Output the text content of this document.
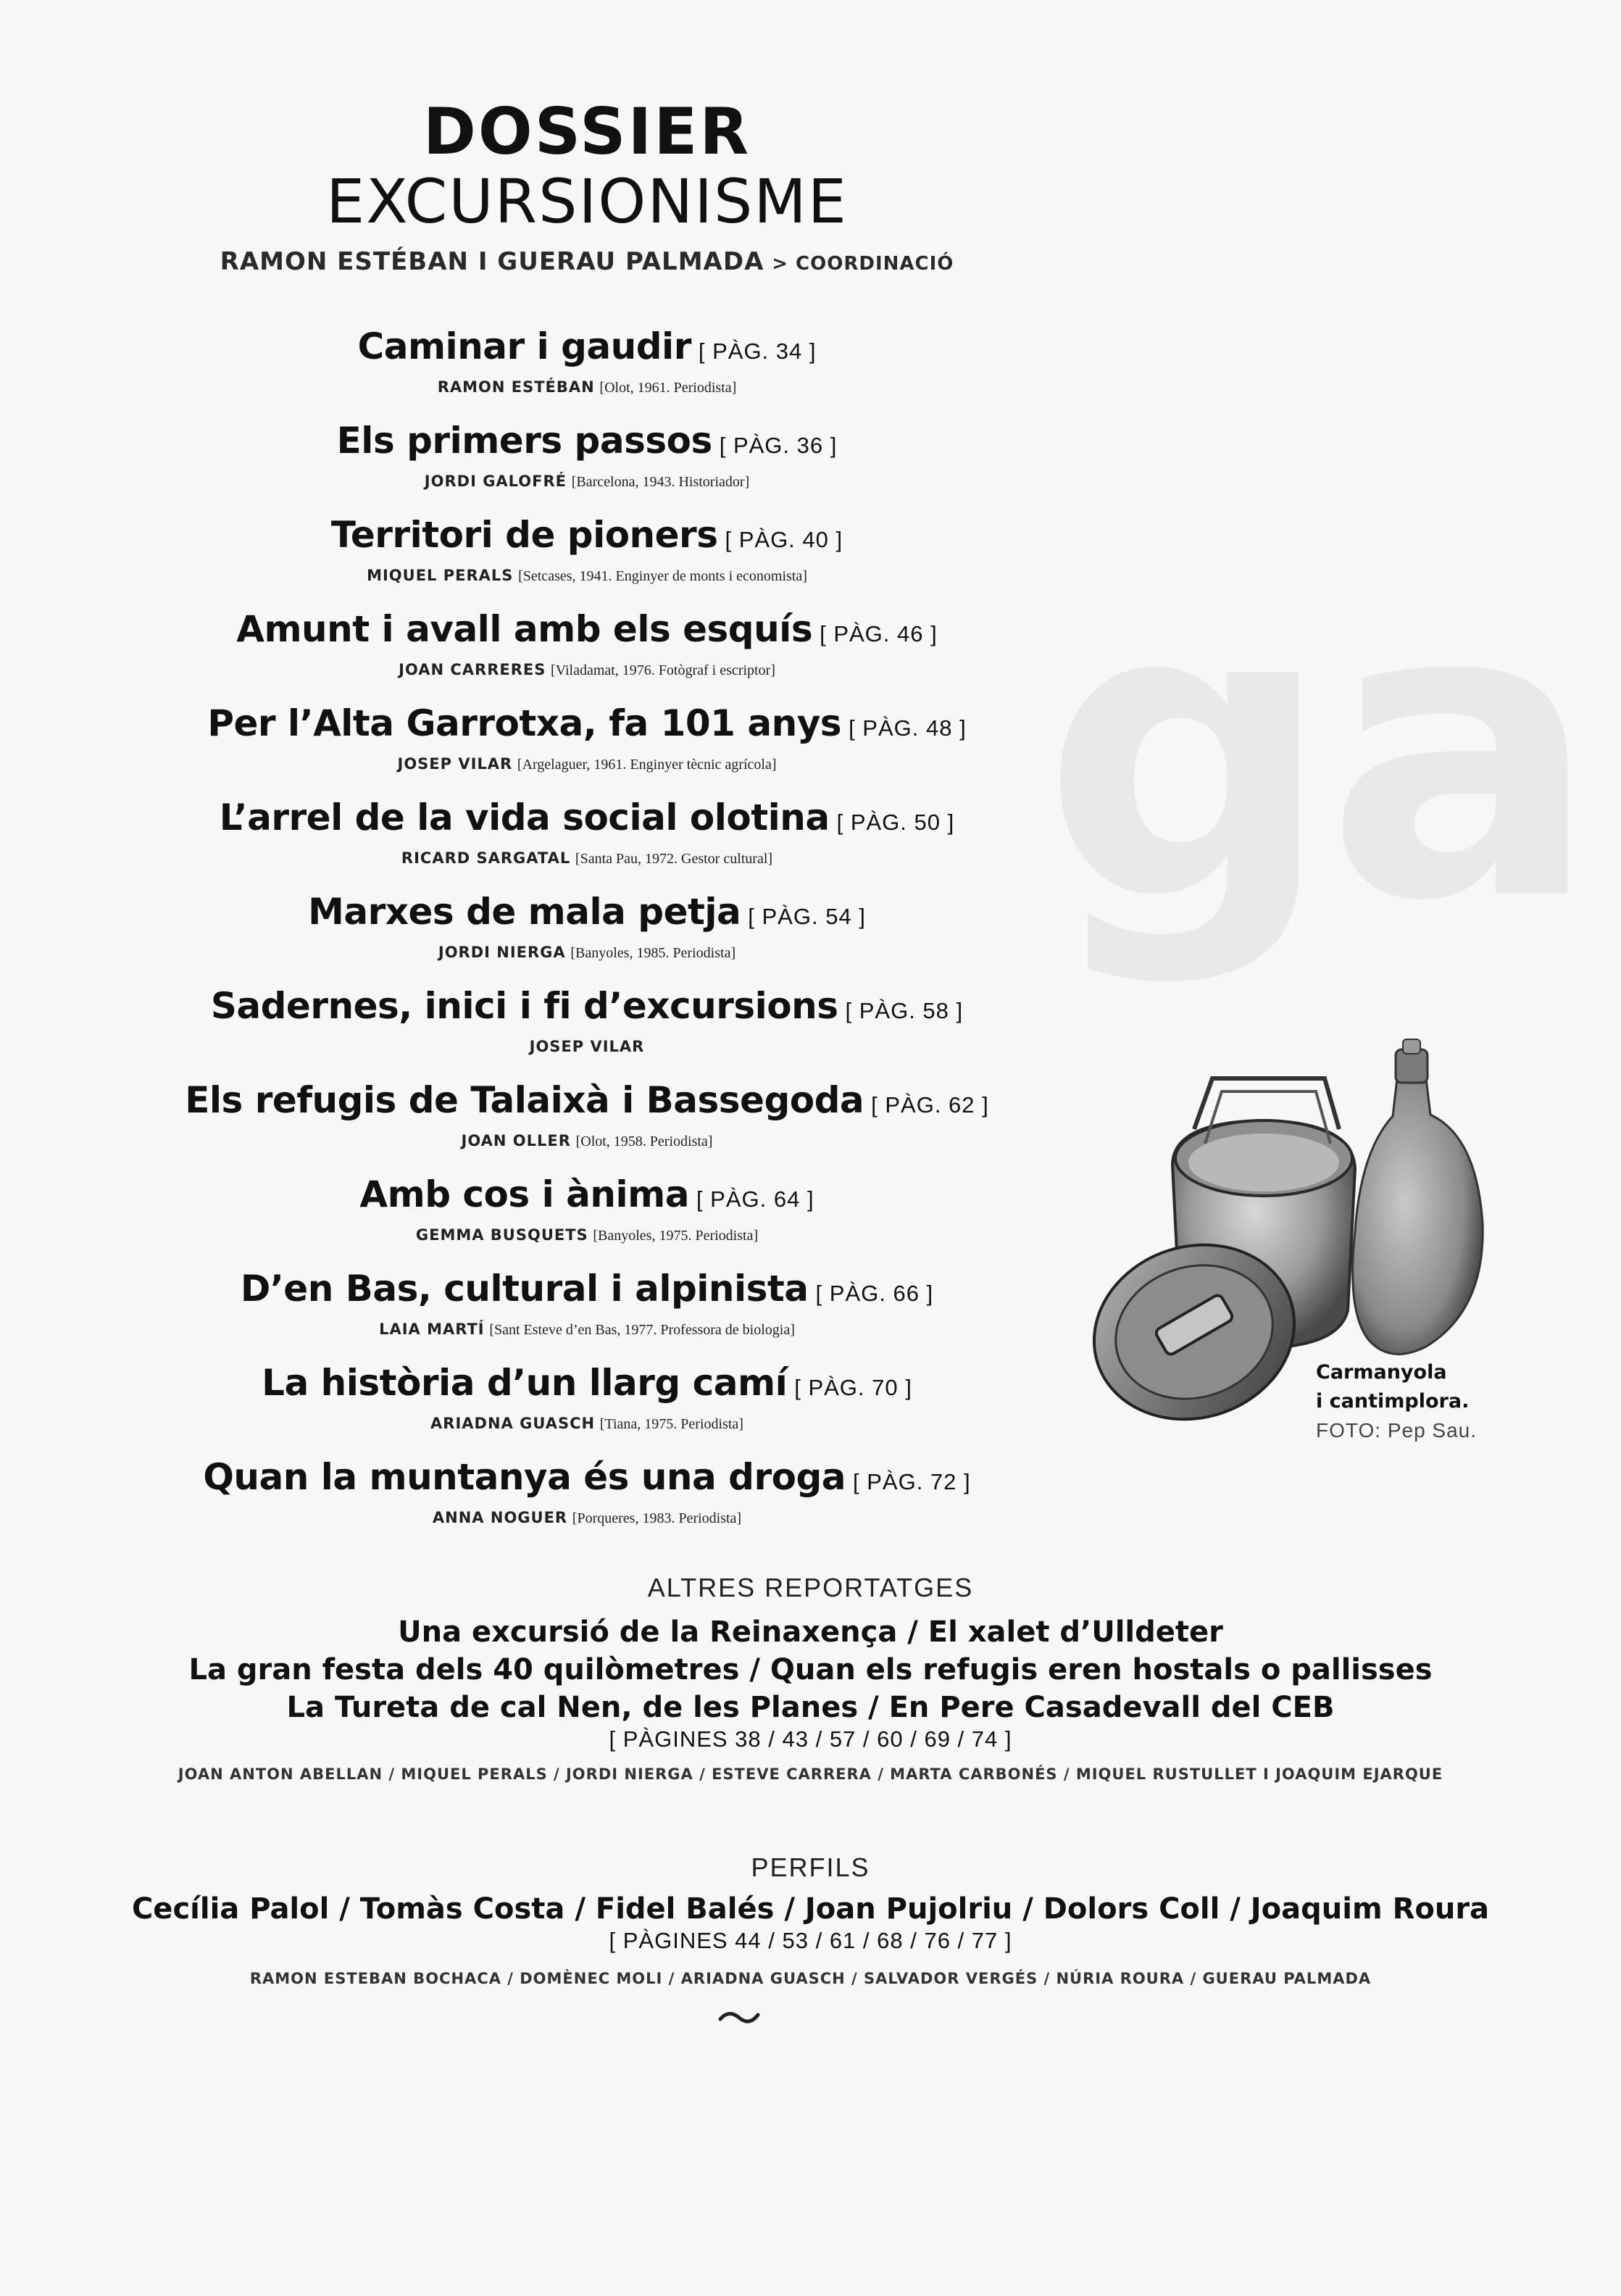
ga
DOSSIER
EXCURSIONISME
RAMON ESTÉBAN I GUERAU PALMADA > COORDINACIÓ
Caminar i gaudir [ PÀG. 34 ]
RAMON ESTÉBAN [Olot, 1961. Periodista]
Els primers passos [ PÀG. 36 ]
JORDI GALOFRÉ [Barcelona, 1943. Historiador]
Territori de pioners [ PÀG. 40 ]
MIQUEL PERALS [Setcases, 1941. Enginyer de monts i economista]
Amunt i avall amb els esquís [ PÀG. 46 ]
JOAN CARRERES [Viladamat, 1976. Fotògraf i escriptor]
Per l’Alta Garrotxa, fa 101 anys [ PÀG. 48 ]
JOSEP VILAR [Argelaguer, 1961. Enginyer tècnic agrícola]
L’arrel de la vida social olotina [ PÀG. 50 ]
RICARD SARGATAL [Santa Pau, 1972. Gestor cultural]
Marxes de mala petja [ PÀG. 54 ]
JORDI NIERGA [Banyoles, 1985. Periodista]
Sadernes, inici i fi d’excursions [ PÀG. 58 ]
JOSEP VILAR
Els refugis de Talaixà i Bassegoda [ PÀG. 62 ]
JOAN OLLER [Olot, 1958. Periodista]
Amb cos i ànima [ PÀG. 64 ]
GEMMA BUSQUETS [Banyoles, 1975. Periodista]
D’en Bas, cultural i alpinista [ PÀG. 66 ]
LAIA MARTÍ [Sant Esteve d’en Bas, 1977. Professora de biologia]
La història d’un llarg camí [ PÀG. 70 ]
ARIADNA GUASCH [Tiana, 1975. Periodista]
Quan la muntanya és una droga [ PÀG. 72 ]
ANNA NOGUER [Porqueres, 1983. Periodista]
Carmanyola
i cantimplora.
FOTO: Pep Sau.
ALTRES REPORTATGES
Una excursió de la Reinaxença / El xalet d’Ulldeter
La gran festa dels 40 quilòmetres / Quan els refugis eren hostals o pallisses
La Tureta de cal Nen, de les Planes / En Pere Casadevall del CEB
[ PÀGINES 38 / 43 / 57 / 60 / 69 / 74 ]
JOAN ANTON ABELLAN / MIQUEL PERALS / JORDI NIERGA / ESTEVE CARRERA / MARTA CARBONÉS / MIQUEL RUSTULLET I JOAQUIM EJARQUE
PERFILS
Cecília Palol / Tomàs Costa / Fidel Balés / Joan Pujolriu / Dolors Coll / Joaquim Roura
[ PÀGINES 44 / 53 / 61 / 68 / 76 / 77 ]
RAMON ESTEBAN BOCHACA / DOMÈNEC MOLI / ARIADNA GUASCH / SALVADOR VERGÉS / NÚRIA ROURA / GUERAU PALMADA
